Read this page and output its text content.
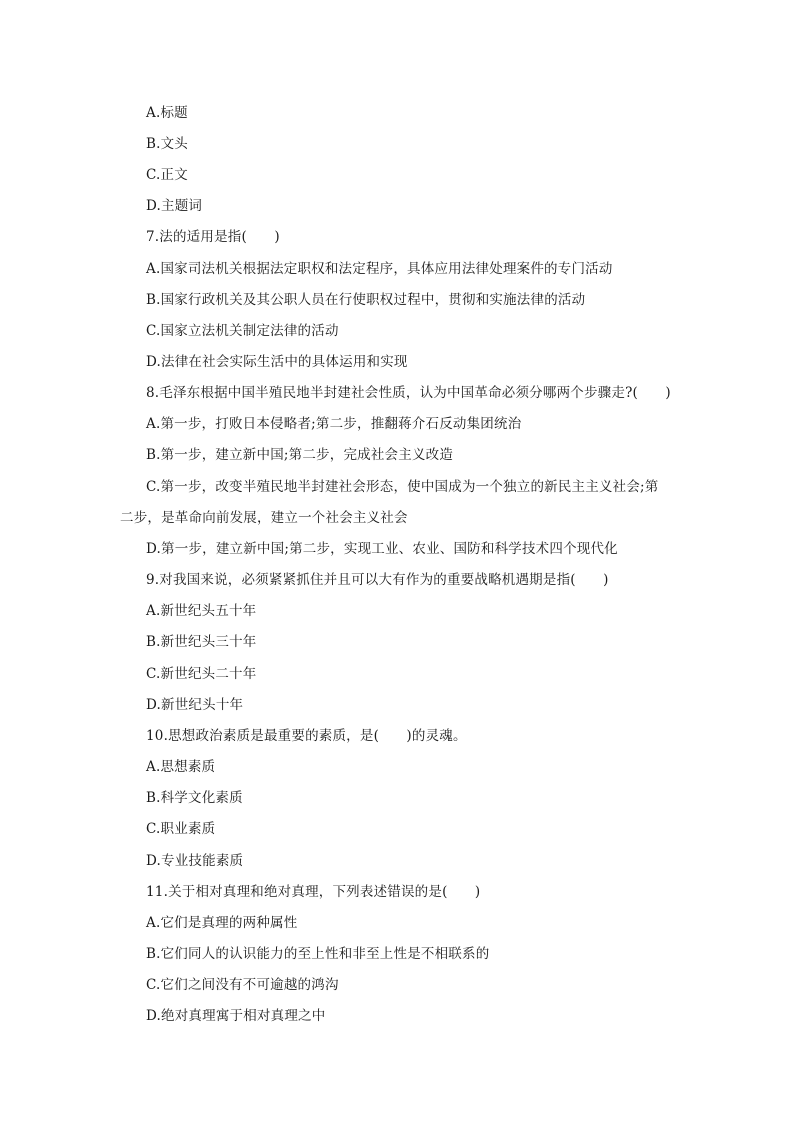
A.标题
B.文头
C.正文
D.主题词
7.法的适用是指(　　)
A.国家司法机关根据法定职权和法定程序，具体应用法律处理案件的专门活动
B.国家行政机关及其公职人员在行使职权过程中，贯彻和实施法律的活动
C.国家立法机关制定法律的活动
D.法律在社会实际生活中的具体运用和实现
8.毛泽东根据中国半殖民地半封建社会性质，认为中国革命必须分哪两个步骤走?(　　)
A.第一步，打败日本侵略者;第二步，推翻蒋介石反动集团统治
B.第一步，建立新中国;第二步，完成社会主义改造
C.第一步，改变半殖民地半封建社会形态，使中国成为一个独立的新民主主义社会;第
二步，是革命向前发展，建立一个社会主义社会
D.第一步，建立新中国;第二步，实现工业、农业、国防和科学技术四个现代化
9.对我国来说，必须紧紧抓住并且可以大有作为的重要战略机遇期是指(　　)
A.新世纪头五十年
B.新世纪头三十年
C.新世纪头二十年
D.新世纪头十年
10.思想政治素质是最重要的素质，是(　　)的灵魂。
A.思想素质
B.科学文化素质
C.职业素质
D.专业技能素质
11.关于相对真理和绝对真理，下列表述错误的是(　　)
A.它们是真理的两种属性
B.它们同人的认识能力的至上性和非至上性是不相联系的
C.它们之间没有不可逾越的鸿沟
D.绝对真理寓于相对真理之中
